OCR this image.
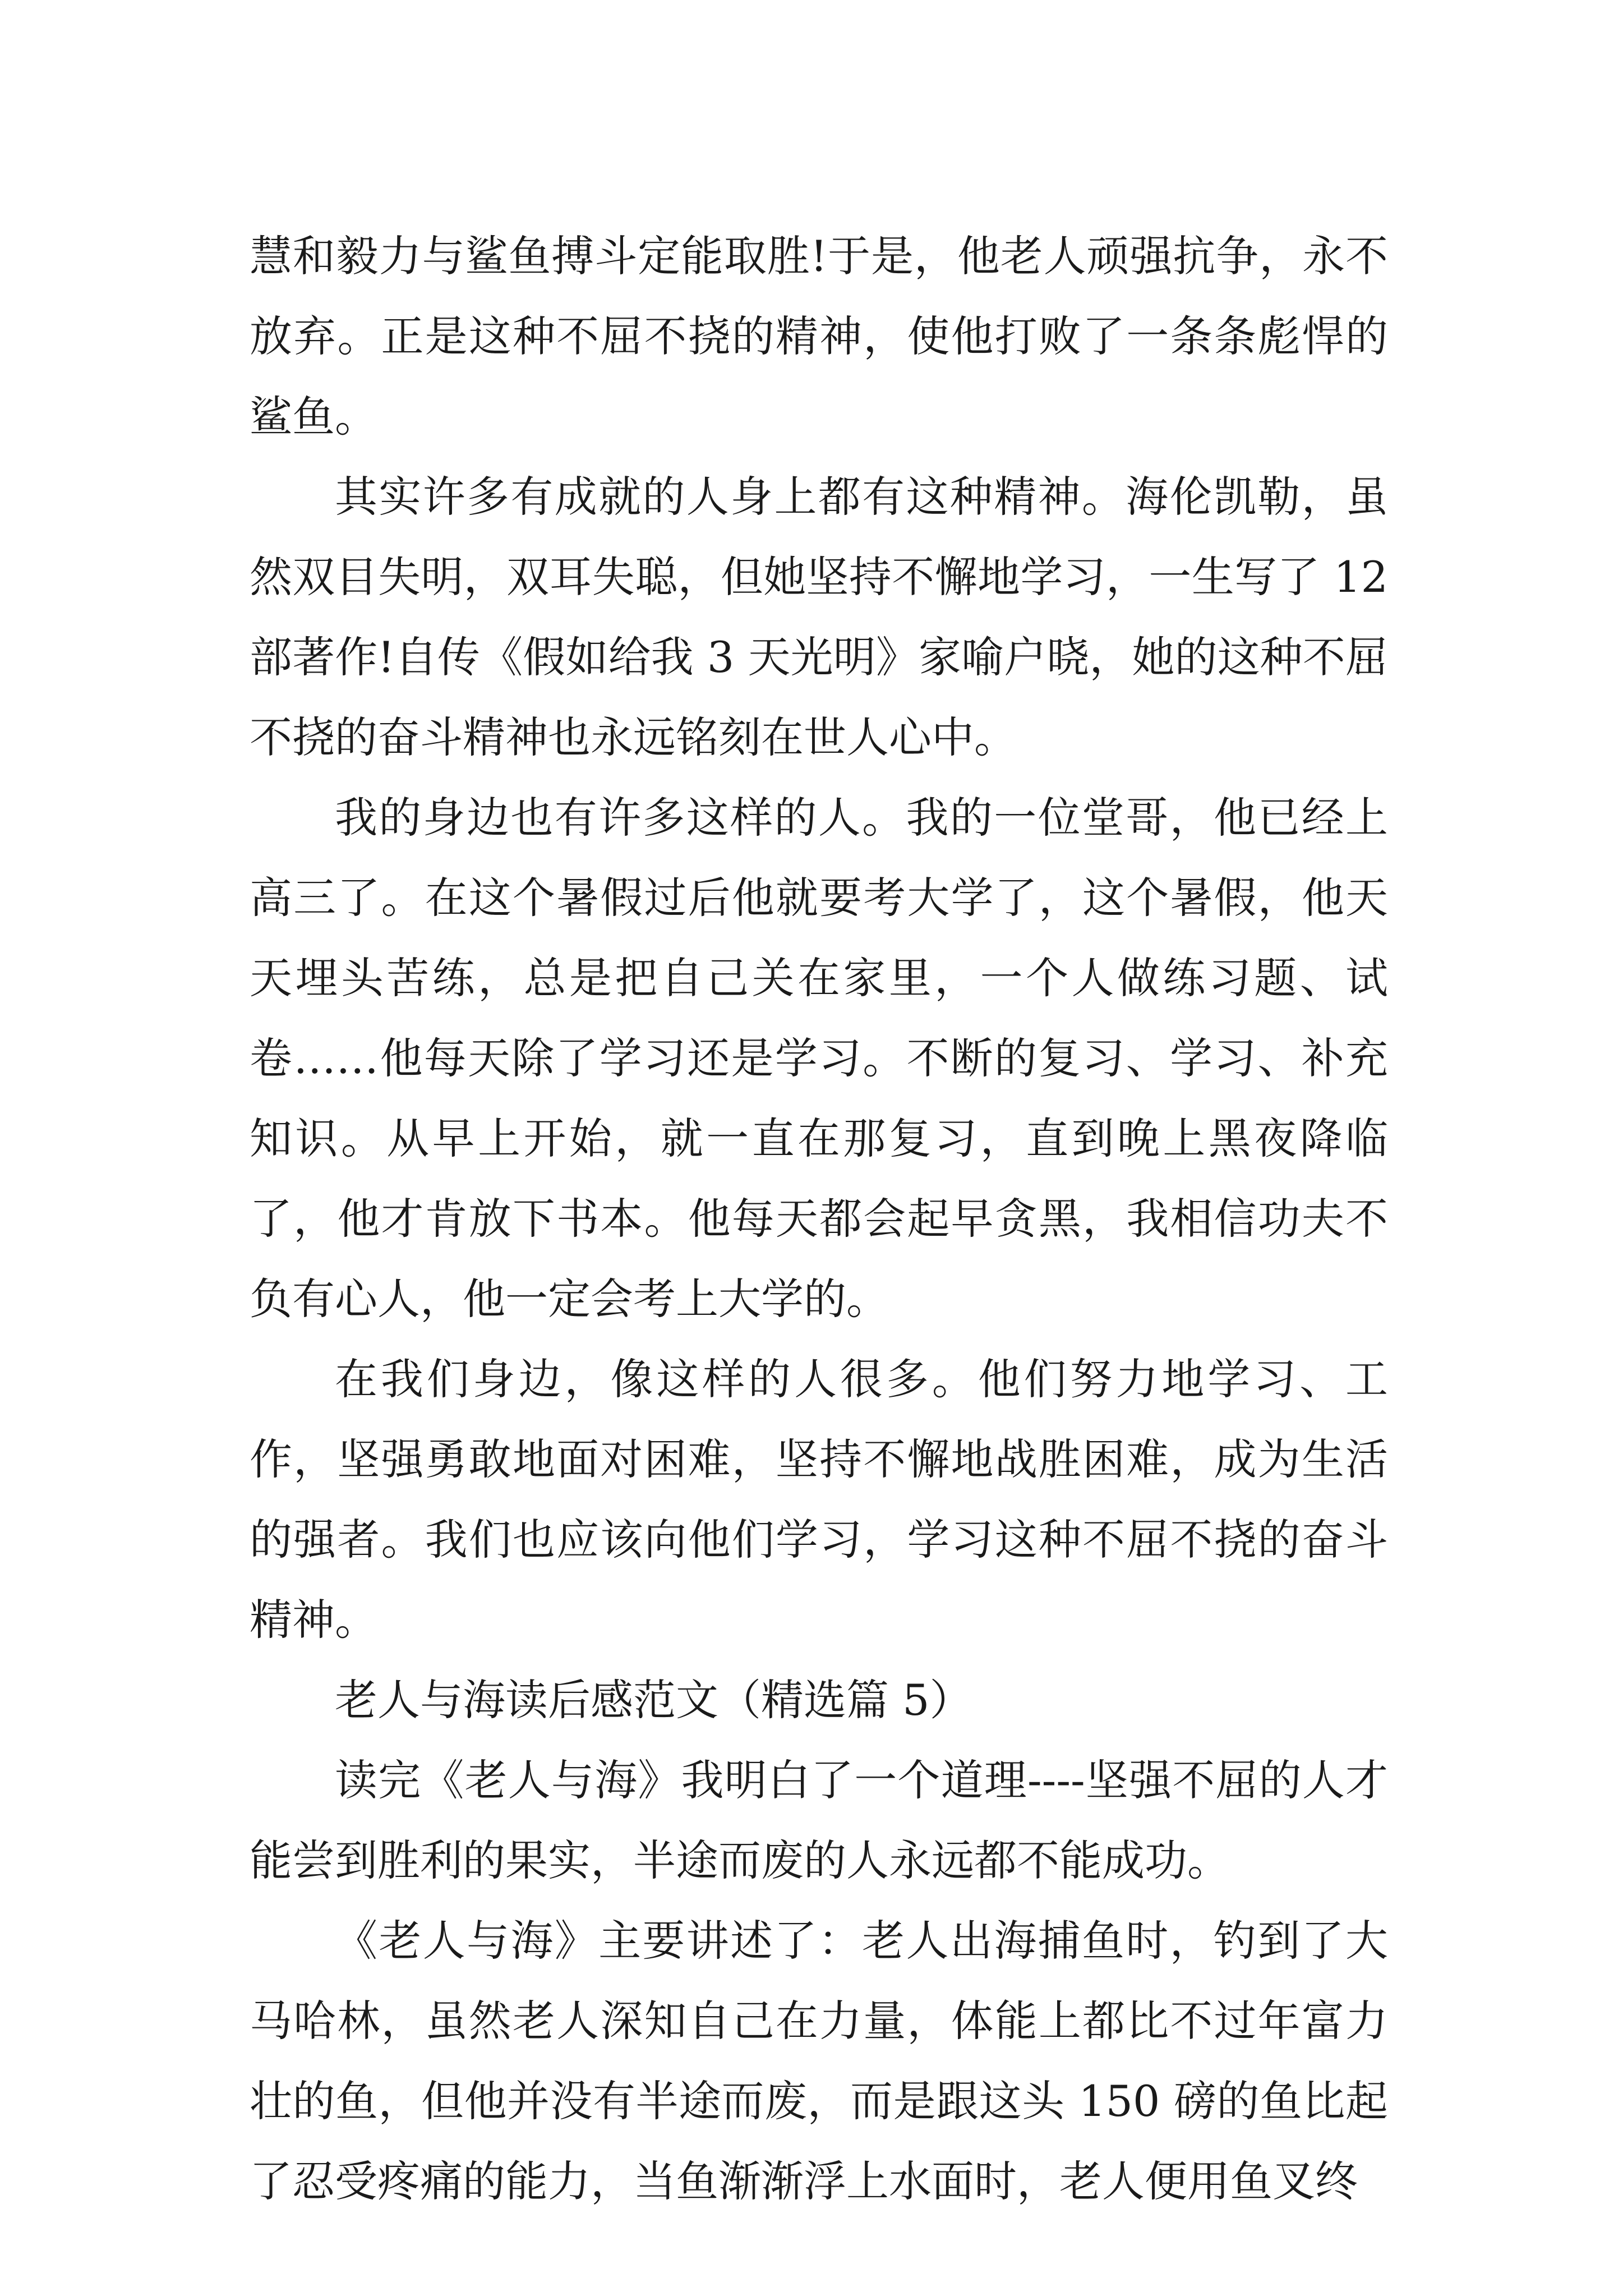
慧和毅力与鲨鱼搏斗定能取胜!于是，他老人顽强抗争，永不放弃。正是这种不屈不挠的精神，使他打败了一条条彪悍的鲨鱼。

其实许多有成就的人身上都有这种精神。海伦凯勒，虽然双目失明，双耳失聪，但她坚持不懈地学习，一生写了 12 部著作!自传《假如给我 3 天光明》家喻户晓，她的这种不屈不挠的奋斗精神也永远铭刻在世人心中。

我的身边也有许多这样的人。我的一位堂哥，他已经上高三了。在这个暑假过后他就要考大学了，这个暑假，他天天埋头苦练，总是把自己关在家里，一个人做练习题、试卷……他每天除了学习还是学习。不断的复习、学习、补充知识。从早上开始，就一直在那复习，直到晚上黑夜降临了，他才肯放下书本。他每天都会起早贪黑，我相信功夫不负有心人，他一定会考上大学的。

在我们身边，像这样的人很多。他们努力地学习、工作，坚强勇敢地面对困难，坚持不懈地战胜困难，成为生活的强者。我们也应该向他们学习，学习这种不屈不挠的奋斗精神。

老人与海读后感范文（精选篇 5）

读完《老人与海》我明白了一个道理----坚强不屈的人才能尝到胜利的果实，半途而废的人永远都不能成功。

《老人与海》主要讲述了：老人出海捕鱼时，钓到了大马哈林，虽然老人深知自己在力量，体能上都比不过年富力壮的鱼，但他并没有半途而废，而是跟这头 150 磅的鱼比起了忍受疼痛的能力，当鱼渐渐浮上水面时，老人便用鱼叉终
